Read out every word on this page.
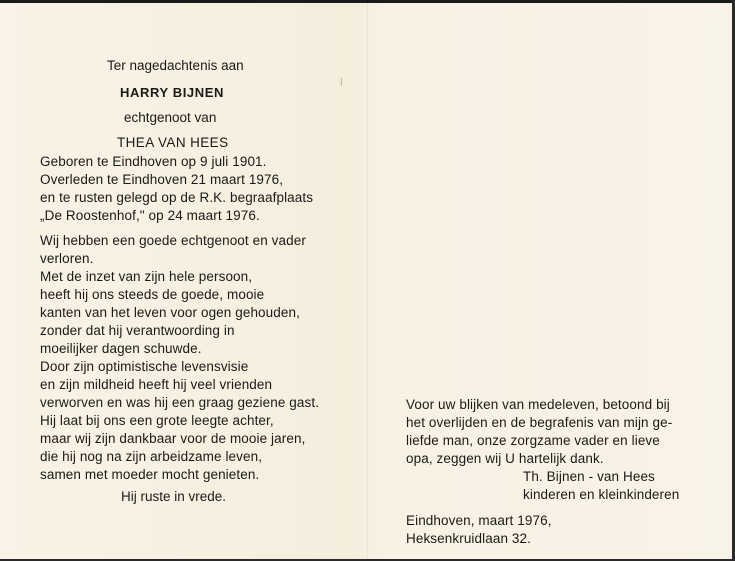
\
Ter nagedachtenis aan
HARRY BIJNEN
echtgenoot van
THEA VAN HEES
Geboren te Eindhoven op 9 juli 1901.
Overleden te Eindhoven 21 maart 1976,
en te rusten gelegd op de R.K. begraafplaats
„De Roostenhof," op 24 maart 1976.
Wij hebben een goede echtgenoot en vader
verloren.
Met de inzet van zijn hele persoon,
heeft hij ons steeds de goede, mooie
kanten van het leven voor ogen gehouden,
zonder dat hij verantwoording in
moeilijker dagen schuwde.
Door zijn optimistische levensvisie
en zijn mildheid heeft hij veel vrienden
verworven en was hij een graag geziene gast.
Hij laat bij ons een grote leegte achter,
maar wij zijn dankbaar voor de mooie jaren,
die hij nog na zijn arbeidzame leven,
samen met moeder mocht genieten.
Hij ruste in vrede.
Voor uw blijken van medeleven, betoond bij
het overlijden en de begrafenis van mijn ge-
liefde man, onze zorgzame vader en lieve
opa, zeggen wij U hartelijk dank.
Th. Bijnen - van Hees
kinderen en kleinkinderen
Eindhoven, maart 1976,
Heksenkruidlaan 32.
